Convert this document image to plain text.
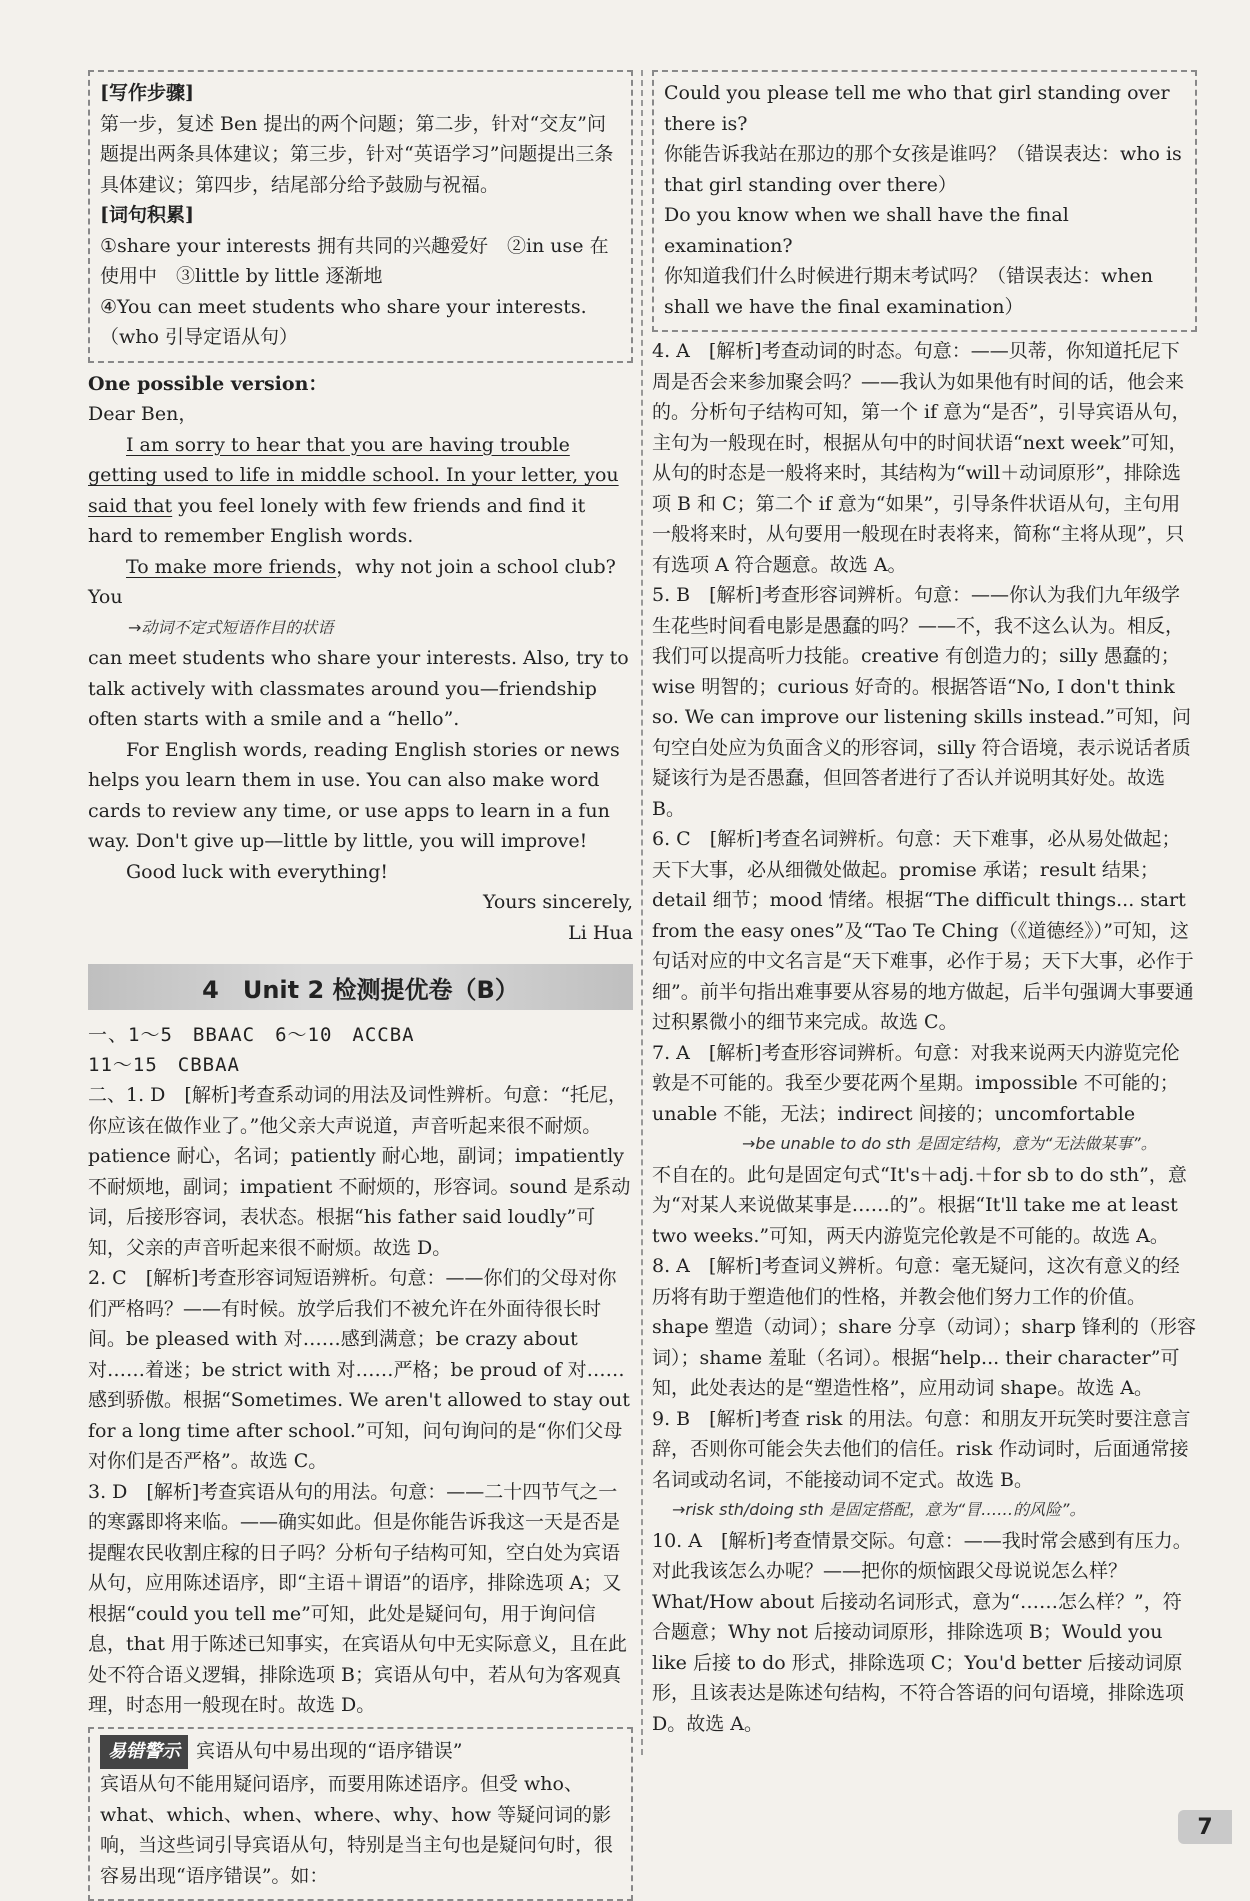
[写作步骤]

第一步，复述 Ben 提出的两个问题；第二步，针对“交友”问题提出两条具体建议；第三步，针对“英语学习”问题提出三条具体建议；第四步，结尾部分给予鼓励与祝福。

[词句积累]

①share your interests 拥有共同的兴趣爱好　②in use 在使用中　③little by little 逐渐地

④You can meet students who share your interests.（who 引导定语从句）

One possible version：

Dear Ben，

I am sorry to hear that you are having trouble getting used to life in middle school. In your letter, you said that you feel lonely with few friends and find it hard to remember English words.

To make more friends，why not join a school club? You

→动词不定式短语作目的状语

can meet students who share your interests. Also, try to talk actively with classmates around you—friendship often starts with a smile and a “hello”.

For English words, reading English stories or news helps you learn them in use. You can also make word cards to review any time, or use apps to learn in a fun way. Don't give up—little by little, you will improve!

Good luck with everything!

Yours sincerely,

Li Hua

4　Unit 2 检测提优卷（B）

一、1～5　BBAAC　6～10　ACCBA

11～15　CBBAA

二、1. D　[解析]考查系动词的用法及词性辨析。句意：“托尼，你应该在做作业了。”他父亲大声说道，声音听起来很不耐烦。patience 耐心，名词；patiently 耐心地，副词；impatiently 不耐烦地，副词；impatient 不耐烦的，形容词。sound 是系动词，后接形容词，表状态。根据“his father said loudly”可知，父亲的声音听起来很不耐烦。故选 D。

2. C　[解析]考查形容词短语辨析。句意：——你们的父母对你们严格吗？——有时候。放学后我们不被允许在外面待很长时间。be pleased with 对……感到满意；be crazy about 对……着迷；be strict with 对……严格；be proud of 对……感到骄傲。根据“Sometimes. We aren't allowed to stay out for a long time after school.”可知，问句询问的是“你们父母对你们是否严格”。故选 C。

3. D　[解析]考查宾语从句的用法。句意：——二十四节气之一的寒露即将来临。——确实如此。但是你能告诉我这一天是否是提醒农民收割庄稼的日子吗？分析句子结构可知，空白处为宾语从句，应用陈述语序，即“主语＋谓语”的语序，排除选项 A；又根据“could you tell me”可知，此处是疑问句，用于询问信息，that 用于陈述已知事实，在宾语从句中无实际意义，且在此处不符合语义逻辑，排除选项 B；宾语从句中，若从句为客观真理，时态用一般现在时。故选 D。

易错警示 宾语从句中易出现的“语序错误”

宾语从句不能用疑问语序，而要用陈述语序。但受 who、what、which、when、where、why、how 等疑问词的影响，当这些词引导宾语从句，特别是当主句也是疑问句时，很容易出现“语序错误”。如：

Could you please tell me who that girl standing over there is?

你能告诉我站在那边的那个女孩是谁吗？（错误表达：who is that girl standing over there）

Do you know when we shall have the final examination?

你知道我们什么时候进行期末考试吗？（错误表达：when shall we have the final examination）

4. A　[解析]考查动词的时态。句意：——贝蒂，你知道托尼下周是否会来参加聚会吗？——我认为如果他有时间的话，他会来的。分析句子结构可知，第一个 if 意为“是否”，引导宾语从句，主句为一般现在时，根据从句中的时间状语“next week”可知，从句的时态是一般将来时，其结构为“will＋动词原形”，排除选项 B 和 C；第二个 if 意为“如果”，引导条件状语从句，主句用一般将来时，从句要用一般现在时表将来，简称“主将从现”，只有选项 A 符合题意。故选 A。

5. B　[解析]考查形容词辨析。句意：——你认为我们九年级学生花些时间看电影是愚蠢的吗？——不，我不这么认为。相反，我们可以提高听力技能。creative 有创造力的；silly 愚蠢的；wise 明智的；curious 好奇的。根据答语“No, I don't think so. We can improve our listening skills instead.”可知，问句空白处应为负面含义的形容词，silly 符合语境，表示说话者质疑该行为是否愚蠢，但回答者进行了否认并说明其好处。故选 B。

6. C　[解析]考查名词辨析。句意：天下难事，必从易处做起；天下大事，必从细微处做起。promise 承诺；result 结果；detail 细节；mood 情绪。根据“The difficult things... start from the easy ones”及“Tao Te Ching（《道德经》）”可知，这句话对应的中文名言是“天下难事，必作于易；天下大事，必作于细”。前半句指出难事要从容易的地方做起，后半句强调大事要通过积累微小的细节来完成。故选 C。

7. A　[解析]考查形容词辨析。句意：对我来说两天内游览完伦敦是不可能的。我至少要花两个星期。impossible 不可能的；unable 不能，无法；indirect 间接的；uncomfortable

→be unable to do sth 是固定结构，意为“无法做某事”。

不自在的。此句是固定句式“It's＋adj.＋for sb to do sth”，意为“对某人来说做某事是……的”。根据“It'll take me at least two weeks.”可知，两天内游览完伦敦是不可能的。故选 A。

8. A　[解析]考查词义辨析。句意：毫无疑问，这次有意义的经历将有助于塑造他们的性格，并教会他们努力工作的价值。shape 塑造（动词）；share 分享（动词）；sharp 锋利的（形容词）；shame 羞耻（名词）。根据“help... their character”可知，此处表达的是“塑造性格”，应用动词 shape。故选 A。

9. B　[解析]考查 risk 的用法。句意：和朋友开玩笑时要注意言辞，否则你可能会失去他们的信任。risk 作动词时，后面通常接名词或动名词，不能接动词不定式。故选 B。

→risk sth/doing sth 是固定搭配，意为“冒……的风险”。

10. A　[解析]考查情景交际。句意：——我时常会感到有压力。对此我该怎么办呢？——把你的烦恼跟父母说说怎么样？What/How about 后接动名词形式，意为“……怎么样？”，符合题意；Why not 后接动词原形，排除选项 B；Would you like 后接 to do 形式，排除选项 C；You'd better 后接动词原形，且该表达是陈述句结构，不符合答语的问句语境，排除选项 D。故选 A。

7
